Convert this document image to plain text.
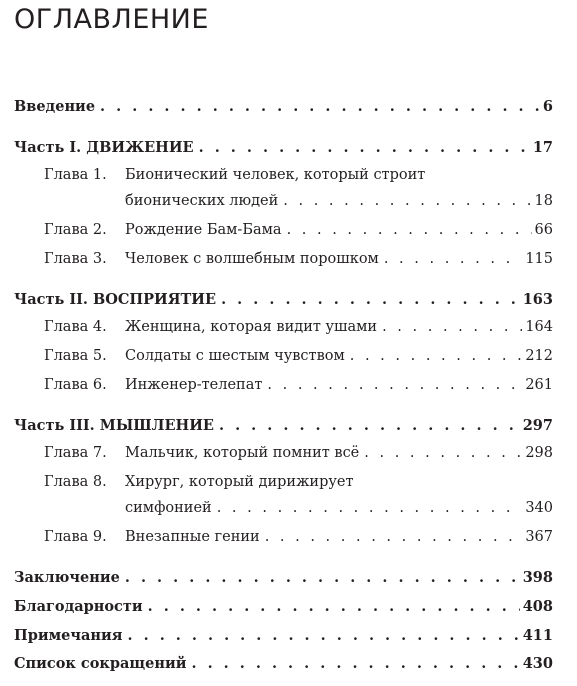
ОГЛАВЛЕНИЕ
Введение . . .	6
Часть I. ДВИЖЕНИЕ . . .	17
Глава 1.	Бионический человек, который строит
бионических людей . . .	18
Глава 2.	Рождение Бам-Бама . . .	66
Глава 3.	Человек с волшебным порошком . . .	115
Часть II. ВОСПРИЯТИЕ . . .	163
Глава 4.	Женщина, которая видит ушами . . .	164
Глава 5.	Солдаты с шестым чувством . . .	212
Глава 6.	Инженер-телепат . . .	261
Часть III. МЫШЛЕНИЕ . . .	297
Глава 7.	Мальчик, который помнит всё . . .	298
Глава 8.	Хирург, который дирижирует
симфонией . . .	340
Глава 9.	Внезапные гении . . .	367
Заключение . . .	398
Благодарности . . .	408
Примечания . . .	411
Список сокращений . . .	430
